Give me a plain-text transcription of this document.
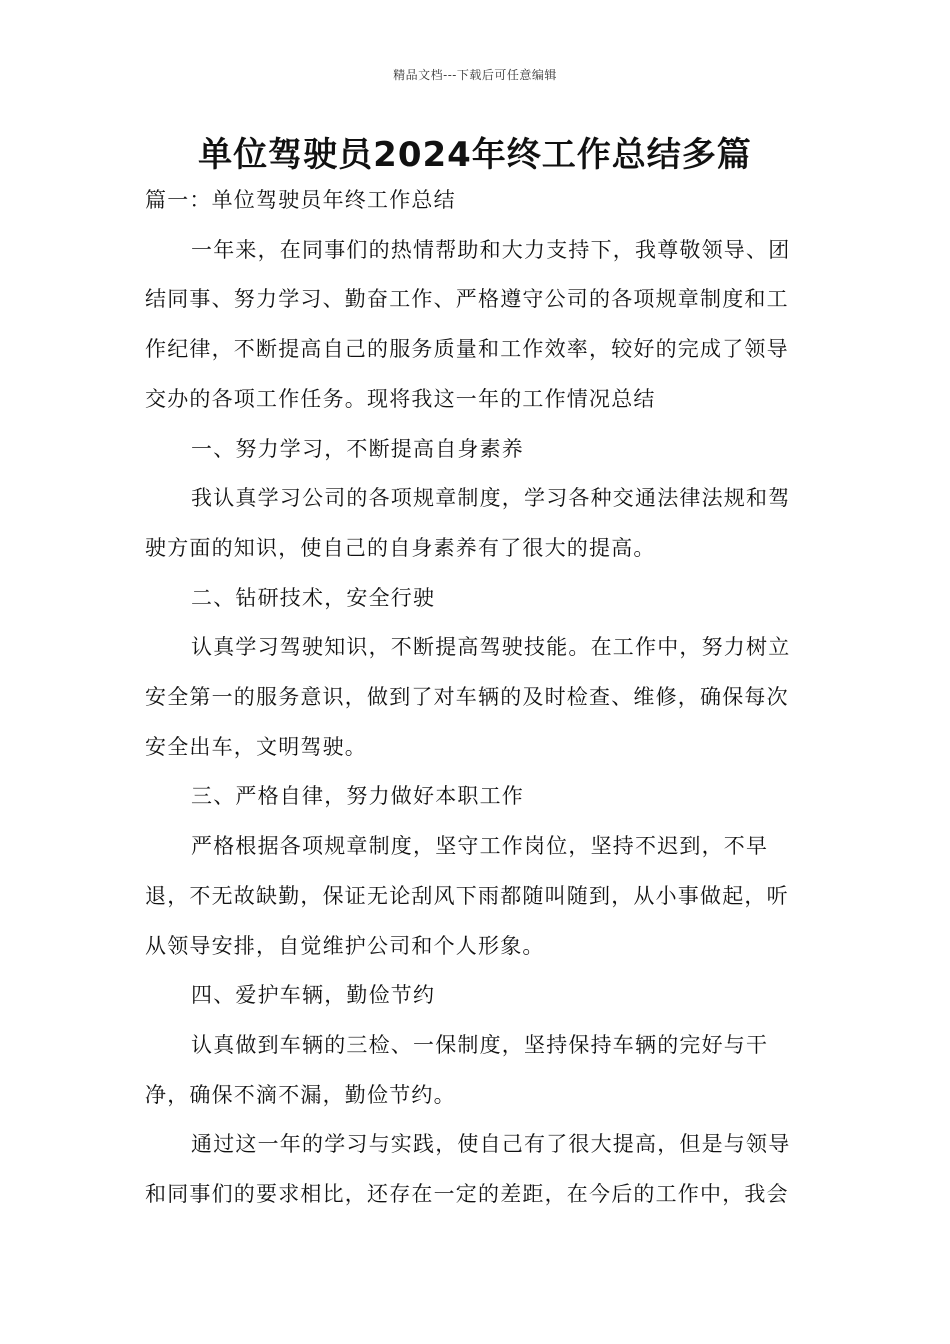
精品文档---下载后可任意编辑
单位驾驶员2024年终工作总结多篇

篇一：单位驾驶员年终工作总结

一年来，在同事们的热情帮助和大力支持下，我尊敬领导、团结同事、努力学习、勤奋工作、严格遵守公司的各项规章制度和工作纪律，不断提高自己的服务质量和工作效率，较好的完成了领导交办的各项工作任务。现将我这一年的工作情况总结

一、努力学习，不断提高自身素养

我认真学习公司的各项规章制度，学习各种交通法律法规和驾驶方面的知识，使自己的自身素养有了很大的提高。

二、钻研技术，安全行驶

认真学习驾驶知识，不断提高驾驶技能。在工作中，努力树立安全第一的服务意识，做到了对车辆的及时检查、维修，确保每次安全出车，文明驾驶。

三、严格自律，努力做好本职工作

严格根据各项规章制度，坚守工作岗位，坚持不迟到，不早退，不无故缺勤，保证无论刮风下雨都随叫随到，从小事做起，听从领导安排，自觉维护公司和个人形象。

四、爱护车辆，勤俭节约

认真做到车辆的三检、一保制度，坚持保持车辆的完好与干净，确保不滴不漏，勤俭节约。

通过这一年的学习与实践，使自己有了很大提高，但是与领导和同事们的要求相比，还存在一定的差距，在今后的工作中，我会
